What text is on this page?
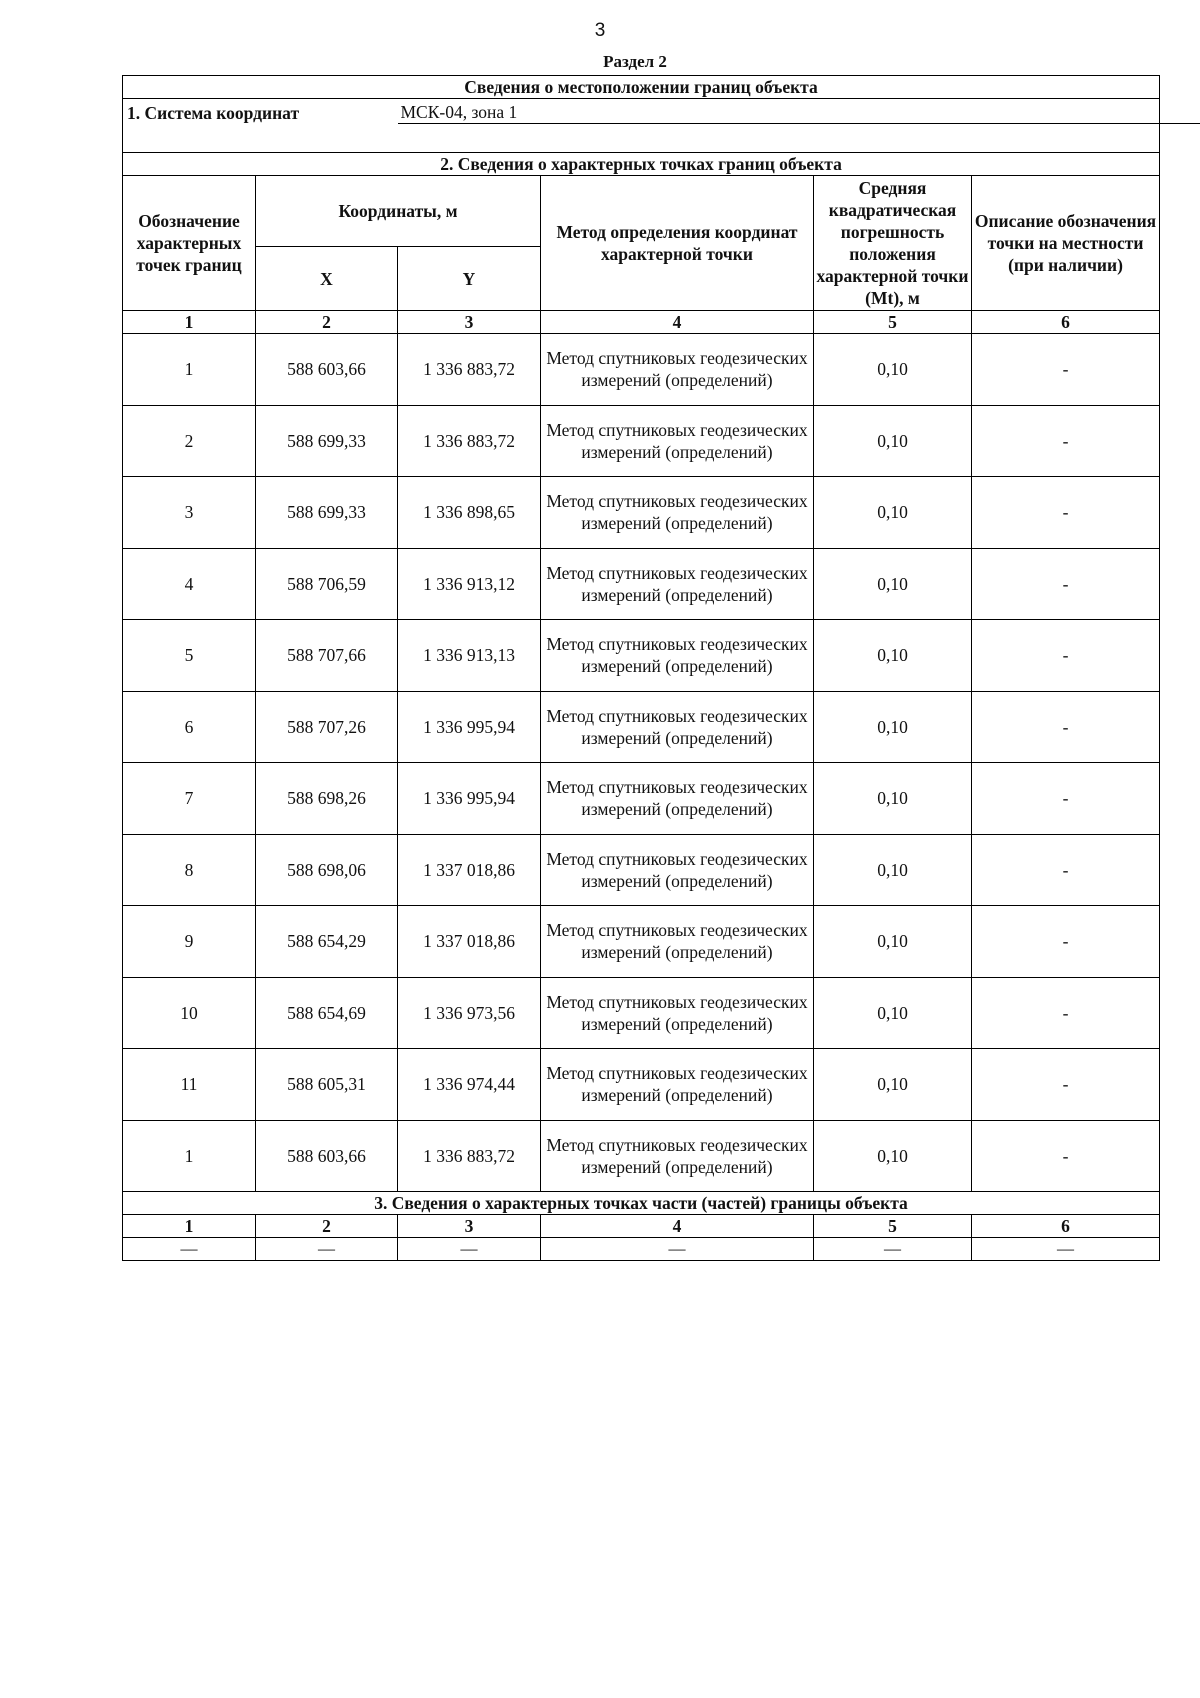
3
Раздел 2
Сведения о местоположении границ объекта					
1. Система координат		МСК-04, зона 1			

2. Сведения о характерных точках границ объекта					
Обозначение характерных точек границ	Координаты, м		Метод определения координат характерной точки	Средняя квадратическая погрешность положения характерной точки (Mt), м	Описание обозначения точки на местности (при наличии)
	X	Y			
1	2	3	4	5	6
1	588 603,66	1 336 883,72	Метод спутниковых геодезических измерений (определений)	0,10	-
2	588 699,33	1 336 883,72	Метод спутниковых геодезических измерений (определений)	0,10	-
3	588 699,33	1 336 898,65	Метод спутниковых геодезических измерений (определений)	0,10	-
4	588 706,59	1 336 913,12	Метод спутниковых геодезических измерений (определений)	0,10	-
5	588 707,66	1 336 913,13	Метод спутниковых геодезических измерений (определений)	0,10	-
6	588 707,26	1 336 995,94	Метод спутниковых геодезических измерений (определений)	0,10	-
7	588 698,26	1 336 995,94	Метод спутниковых геодезических измерений (определений)	0,10	-
8	588 698,06	1 337 018,86	Метод спутниковых геодезических измерений (определений)	0,10	-
9	588 654,29	1 337 018,86	Метод спутниковых геодезических измерений (определений)	0,10	-
10	588 654,69	1 336 973,56	Метод спутниковых геодезических измерений (определений)	0,10	-
11	588 605,31	1 336 974,44	Метод спутниковых геодезических измерений (определений)	0,10	-
1	588 603,66	1 336 883,72	Метод спутниковых геодезических измерений (определений)	0,10	-
3. Сведения о характерных точках части (частей) границы объекта					
1	2	3	4	5	6
—	—	—	—	—	—
